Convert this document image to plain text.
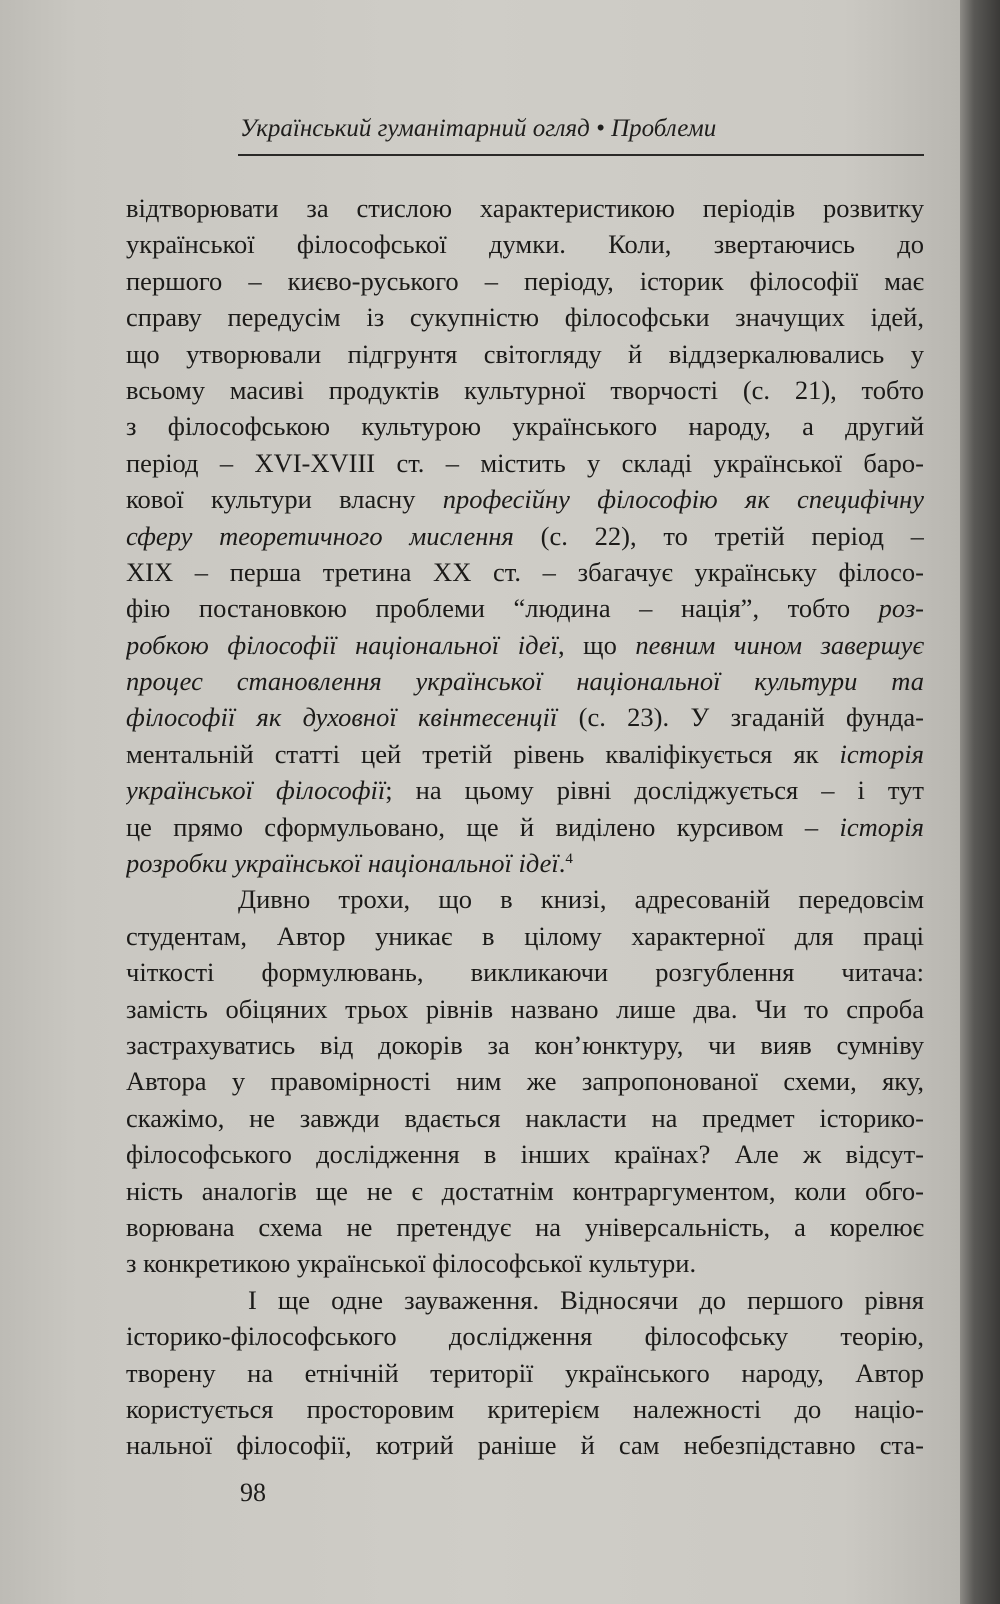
Український гуманітарний огляд • Проблеми
відтворювати за стислою характеристикою періодів розвитку
української філософської думки. Коли, звертаючись до
першого – києво-руського – періоду, історик філософії має
справу передусім із сукупністю філософськи значущих ідей,
що утворювали підгрунтя світогляду й віддзеркалювались у
всьому масиві продуктів культурної творчості (с. 21), тобто
з філософською культурою українського народу, а другий
період – XVI-XVIII ст. – містить у складі української баро-
кової культури власну професійну філософію як специфічну
сферу теоретичного мислення (с. 22), то третій період –
XIX – перша третина XX ст. – збагачує українську філосо-
фію постановкою проблеми “людина – нація”, тобто роз-
робкою філософії національної ідеї, що певним чином завершує
процес становлення української національної культури та
філософії як духовної квінтесенції (с. 23). У згаданій фунда-
ментальній статті цей третій рівень кваліфікується як історія
української філософії; на цьому рівні досліджується – і тут
це прямо сформульовано, ще й виділено курсивом – історія
розробки української національної ідеї.$^4$
Дивно трохи, що в книзі, адресованій передовсім
студентам, Автор уникає в цілому характерної для праці
чіткості формулювань, викликаючи розгублення читача:
замість обіцяних трьох рівнів названо лише два. Чи то спроба
застрахуватись від докорів за кон’юнктуру, чи вияв сумніву
Автора у правомірності ним же запропонованої схеми, яку,
скажімо, не завжди вдається накласти на предмет історико-
філософського дослідження в інших країнах? Але ж відсут-
ність аналогів ще не є достатнім контраргументом, коли обго-
ворювана схема не претендує на універсальність, а корелює
з конкретикою української філософської культури.
І ще одне зауваження. Відносячи до першого рівня
історико-філософського дослідження філософську теорію,
творену на етнічній території українського народу, Автор
користується просторовим критерієм належності до націо-
нальної філософії, котрий раніше й сам небезпідставно ста-
98
